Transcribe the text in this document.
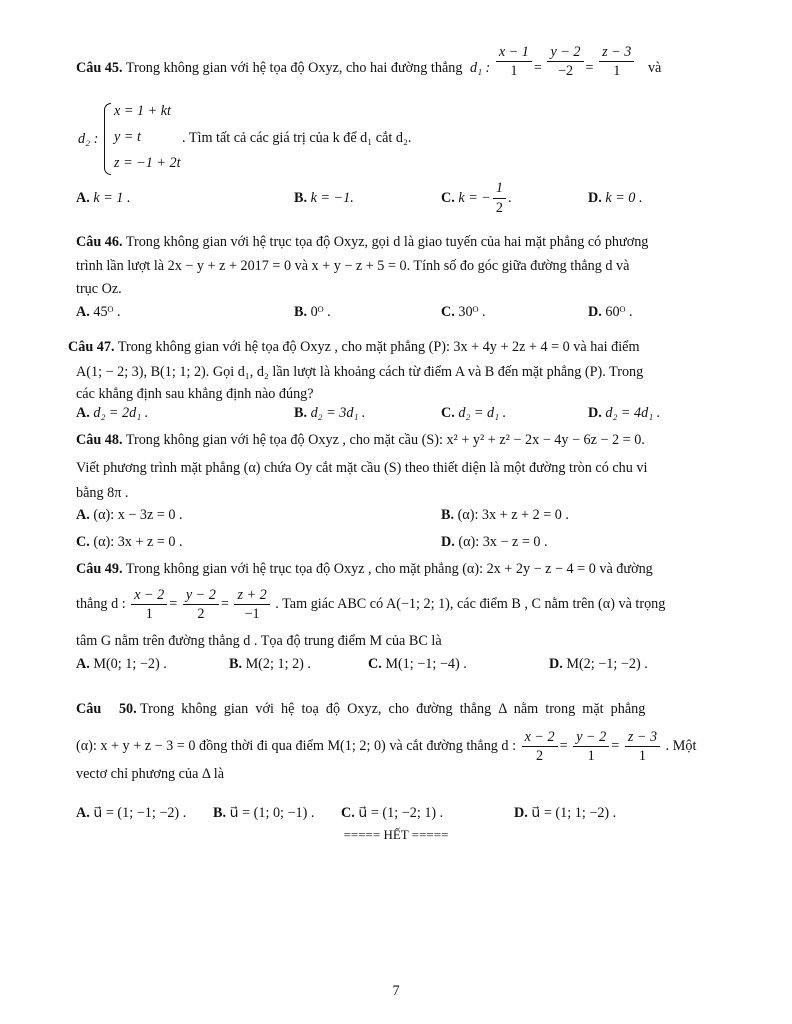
Câu 45. Trong không gian với hệ tọa độ Oxyz, cho hai đường thẳng d₁ : $\frac{x - 1}{1} = \frac{y - 2}{-2} = \frac{z - 3}{1}$ và
d₂ :
x = 1 + kt
y = t
z = −1 + 2t
. Tìm tất cả các giá trị của k để d₁ cắt d₂.
A. k = 1 .	B. k = −1.	C. k = − $\frac{1}{2}$ .	D. k = 0 .
Câu 46. Trong không gian với hệ trục tọa độ Oxyz, gọi d là giao tuyến của hai mặt phẳng có phương
trình lần lượt là 2x − y + z + 2017 = 0 và x + y − z + 5 = 0. Tính số đo góc giữa đường thẳng d và
trục Oz.
A. 45ᴼ .	B. 0ᴼ .	C. 30ᴼ .	D. 60ᴼ .
Câu 47. Trong không gian với hệ tọa độ Oxyz , cho mặt phẳng (P): 3x + 4y + 2z + 4 = 0 và hai điểm
A(1; − 2; 3), B(1; 1; 2). Gọi d₁, d₂ lần lượt là khoảng cách từ điểm A và B đến mặt phẳng (P). Trong
các khẳng định sau khẳng định nào đúng?
A. d₂ = 2d₁ .	B. d₂ = 3d₁ .	C. d₂ = d₁ .	D. d₂ = 4d₁ .
Câu 48. Trong không gian với hệ tọa độ Oxyz , cho mặt cầu (S): x² + y² + z² − 2x − 4y − 6z − 2 = 0.
Viết phương trình mặt phẳng (α) chứa Oy cắt mặt cầu (S) theo thiết diện là một đường tròn có chu vi
bằng 8π .
A. (α): x − 3z = 0 .	B. (α): 3x + z + 2 = 0 .
C. (α): 3x + z = 0 .	D. (α): 3x − z = 0 .
Câu 49. Trong không gian với hệ trục tọa độ Oxyz , cho mặt phẳng (α): 2x + 2y − z − 4 = 0 và đường
thẳng d : $\frac{x - 2}{1} = \frac{y - 2}{2} = \frac{z + 2}{-1}$ . Tam giác ABC có A(−1; 2; 1), các điểm B , C nằm trên (α) và trọng
tâm G nằm trên đường thẳng d . Tọa độ trung điểm M của BC là
A. M(0; 1; −2) .	B. M(2; 1; 2) .	C. M(1; −1; −4) .	D. M(2; −1; −2) .
Câu     50. Trong  không  gian  với  hệ  toạ  độ  Oxyz,  cho  đường  thẳng  Δ  nằm  trong  mặt  phẳng
(α): x + y + z − 3 = 0 đồng thời đi qua điểm M(1; 2; 0) và cắt đường thẳng d : $\frac{x - 2}{2} = \frac{y - 2}{1} = \frac{z - 3}{1}$ . Một
vectơ chỉ phương của Δ là
A. u⃗ = (1; −1; −2) . B. u⃗ = (1; 0; −1) . C. u⃗ = (1; −2; 1) .	D. u⃗ = (1; 1; −2) .
===== HẾT =====
7
